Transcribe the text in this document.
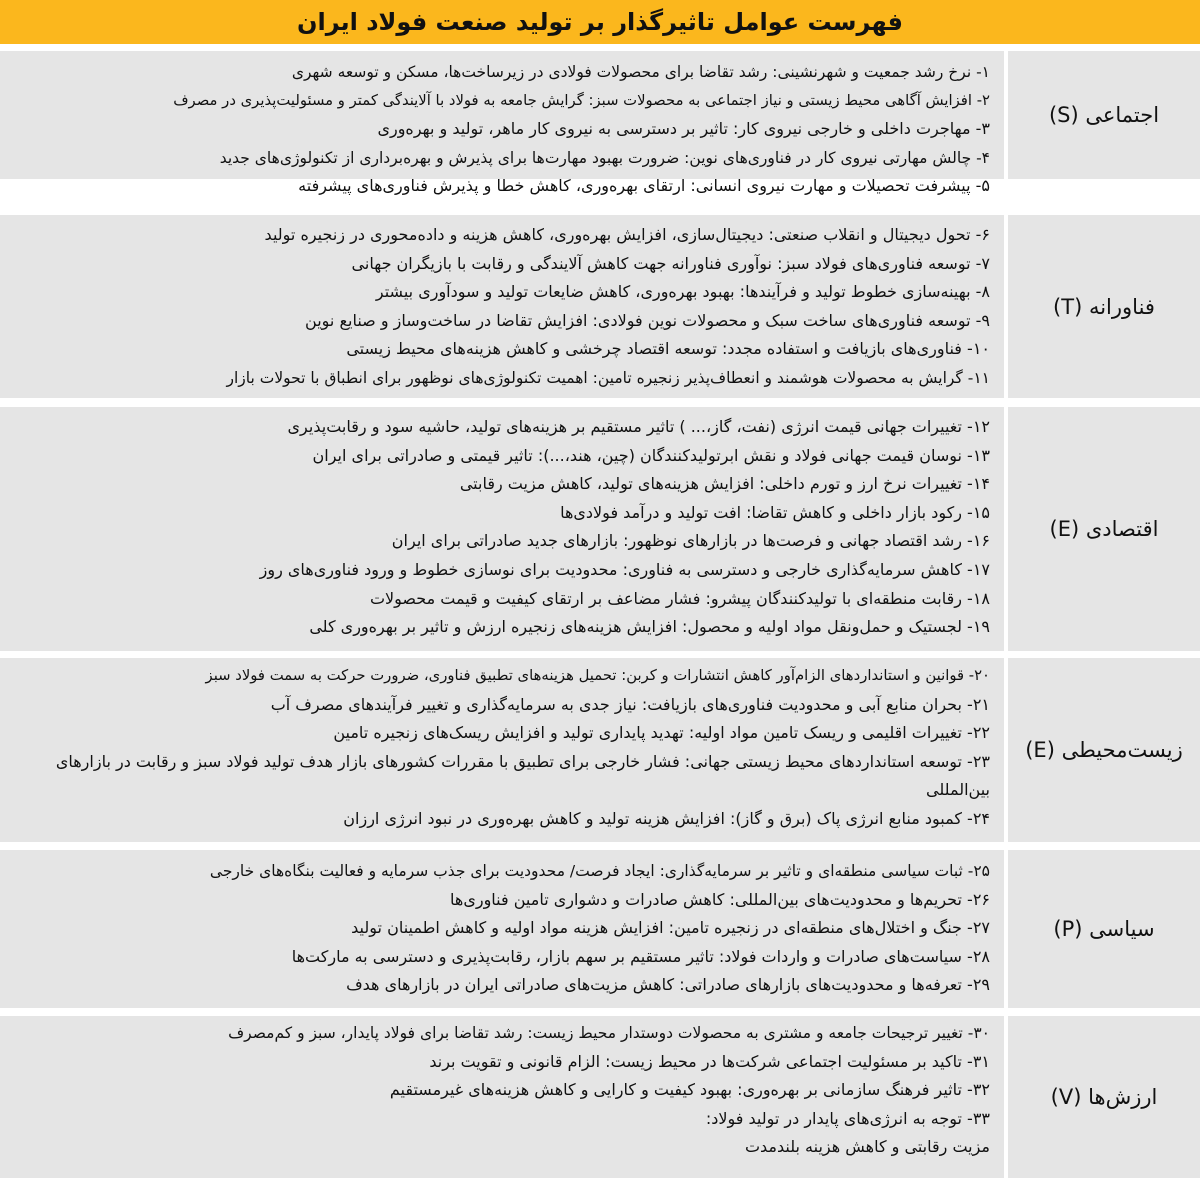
فهرست عوامل تاثیرگذار بر تولید صنعت فولاد ایران
اجتماعی (S)
۱- نرخ رشد جمعیت و شهرنشینی: رشد تقاضا برای محصولات فولادی در زیرساخت‌ها، مسکن و توسعه شهری
۲- افزایش آگاهی محیط زیستی و نیاز اجتماعی به محصولات سبز: گرایش جامعه به فولاد با آلایندگی کمتر و مسئولیت‌پذیری در مصرف
۳- مهاجرت داخلی و خارجی نیروی کار: تاثیر بر دسترسی به نیروی کار ماهر، تولید و بهره‌وری
۴- چالش مهارتی نیروی کار در فناوری‌های نوین: ضرورت بهبود مهارت‌ها برای پذیرش و بهره‌برداری از تکنولوژی‌های جدید
۵- پیشرفت تحصیلات و مهارت نیروی انسانی: ارتقای بهره‌وری، کاهش خطا و پذیرش فناوری‌های پیشرفته
فناورانه (T)
۶- تحول دیجیتال و انقلاب صنعتی: دیجیتال‌سازی، افزایش بهره‌وری، کاهش هزینه و داده‌محوری در زنجیره تولید
۷- توسعه فناوری‌های فولاد سبز: نوآوری فناورانه جهت کاهش آلایندگی و رقابت با بازیگران جهانی
۸- بهینه‌سازی خطوط تولید و فرآیندها: بهبود بهره‌وری، کاهش ضایعات تولید و سودآوری بیشتر
۹- توسعه فناوری‌های ساخت سبک و محصولات نوین فولادی: افزایش تقاضا در ساخت‌وساز و صنایع نوین
۱۰- فناوری‌های بازیافت و استفاده مجدد: توسعه اقتصاد چرخشی و کاهش هزینه‌های محیط زیستی
۱۱- گرایش به محصولات هوشمند و انعطاف‌پذیر زنجیره تامین: اهمیت تکنولوژی‌های نوظهور برای انطباق با تحولات بازار
اقتصادی (E)
۱۲- تغییرات جهانی قیمت انرژی (نفت، گاز،... ) تاثیر مستقیم بر هزینه‌های تولید، حاشیه سود و رقابت‌پذیری
۱۳- نوسان قیمت جهانی فولاد و نقش ابرتولیدکنندگان (چین، هند،...): تاثیر قیمتی و صادراتی برای ایران
۱۴- تغییرات نرخ ارز و تورم داخلی: افزایش هزینه‌های تولید، کاهش مزیت رقابتی
۱۵- رکود بازار داخلی و کاهش تقاضا: افت تولید و درآمد فولادی‌ها
۱۶- رشد اقتصاد جهانی و فرصت‌ها در بازارهای نوظهور: بازارهای جدید صادراتی برای ایران
۱۷- کاهش سرمایه‌گذاری خارجی و دسترسی به فناوری: محدودیت برای نوسازی خطوط و ورود فناوری‌های روز
۱۸- رقابت منطقه‌ای با تولیدکنندگان پیشرو: فشار مضاعف بر ارتقای کیفیت و قیمت محصولات
۱۹- لجستیک و حمل‌ونقل مواد اولیه و محصول: افزایش هزینه‌های زنجیره ارزش و تاثیر بر بهره‌وری کلی
زیست‌محیطی (E)
۲۰- قوانین و استانداردهای الزام‌آور کاهش انتشارات و کربن: تحمیل هزینه‌های تطبیق فناوری، ضرورت حرکت به سمت فولاد سبز
۲۱- بحران منابع آبی و محدودیت فناوری‌های بازیافت: نیاز جدی به سرمایه‌گذاری و تغییر فرآیندهای مصرف آب
۲۲- تغییرات اقلیمی و ریسک تامین مواد اولیه: تهدید پایداری تولید و افزایش ریسک‌های زنجیره تامین
۲۳- توسعه استانداردهای محیط زیستی جهانی: فشار خارجی برای تطبیق با مقررات کشورهای بازار هدف تولید فولاد سبز و رقابت در بازارهای بین‌المللی
۲۴- کمبود منابع انرژی پاک (برق و گاز): افزایش هزینه تولید و کاهش بهره‌وری در نبود انرژی ارزان
سیاسی (P)
۲۵- ثبات سیاسی منطقه‌ای و تاثیر بر سرمایه‌گذاری: ایجاد فرصت/ محدودیت برای جذب سرمایه و فعالیت بنگاه‌های خارجی
۲۶- تحریم‌ها و محدودیت‌های بین‌المللی: کاهش صادرات و دشواری تامین فناوری‌ها
۲۷- جنگ و اختلال‌های منطقه‌ای در زنجیره تامین: افزایش هزینه مواد اولیه و کاهش اطمینان تولید
۲۸- سیاست‌های صادرات و واردات فولاد: تاثیر مستقیم بر سهم بازار، رقابت‌پذیری و دسترسی به مارکت‌ها
۲۹- تعرفه‌ها و محدودیت‌های بازارهای صادراتی: کاهش مزیت‌های صادراتی ایران در بازارهای هدف
ارزش‌ها (V)
۳۰- تغییر ترجیحات جامعه و مشتری به محصولات دوستدار محیط زیست: رشد تقاضا برای فولاد پایدار، سبز و کم‌مصرف
۳۱- تاکید بر مسئولیت اجتماعی شرکت‌ها در محیط زیست: الزام قانونی و تقویت برند
۳۲- تاثیر فرهنگ سازمانی بر بهره‌وری: بهبود کیفیت و کارایی و کاهش هزینه‌های غیرمستقیم
۳۳- توجه به انرژی‌های پایدار در تولید فولاد:
مزیت رقابتی و کاهش هزینه بلندمدت
